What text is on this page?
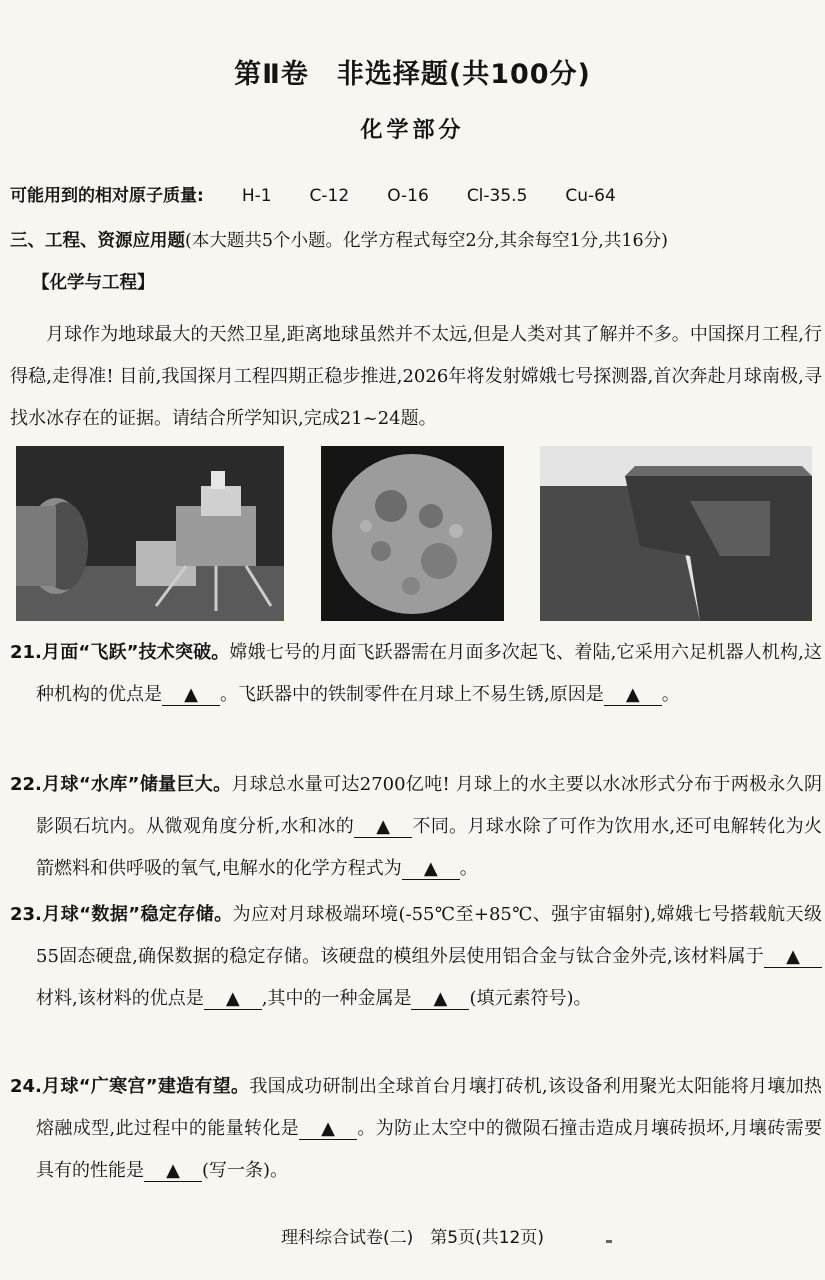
第Ⅱ卷　非选择题(共100分)
化学部分
可能用到的相对原子质量: H-1 C-12 O-16 Cl-35.5 Cu-64
三、工程、资源应用题(本大题共5个小题。化学方程式每空2分,其余每空1分,共16分)
【化学与工程】
月球作为地球最大的天然卫星,距离地球虽然并不太远,但是人类对其了解并不多。中国探月工程,行得稳,走得准! 目前,我国探月工程四期正稳步推进,2026年将发射嫦娥七号探测器,首次奔赴月球南极,寻找水冰存在的证据。请结合所学知识,完成21~24题。
21.月面“飞跃”技术突破。嫦娥七号的月面飞跃器需在月面多次起飞、着陆,它采用六足机器人机构,这种机构的优点是 ▲ 。飞跃器中的铁制零件在月球上不易生锈,原因是 ▲ 。
22.月球“水库”储量巨大。月球总水量可达2700亿吨! 月球上的水主要以水冰形式分布于两极永久阴影陨石坑内。从微观角度分析,水和冰的 ▲ 不同。月球水除了可作为饮用水,还可电解转化为火箭燃料和供呼吸的氧气,电解水的化学方程式为 ▲ 。
23.月球“数据”稳定存储。为应对月球极端环境(-55℃至+85℃、强宇宙辐射),嫦娥七号搭载航天级55固态硬盘,确保数据的稳定存储。该硬盘的模组外层使用铝合金与钛合金外壳,该材料属于 ▲材料,该材料的优点是 ▲ ,其中的一种金属是 ▲ (填元素符号)。
24.月球“广寒宫”建造有望。我国成功研制出全球首台月壤打砖机,该设备利用聚光太阳能将月壤加热熔融成型,此过程中的能量转化是 ▲ 。为防止太空中的微陨石撞击造成月壤砖损坏,月壤砖需要具有的性能是 ▲ (写一条)。
理科综合试卷(二)　第5页(共12页)
